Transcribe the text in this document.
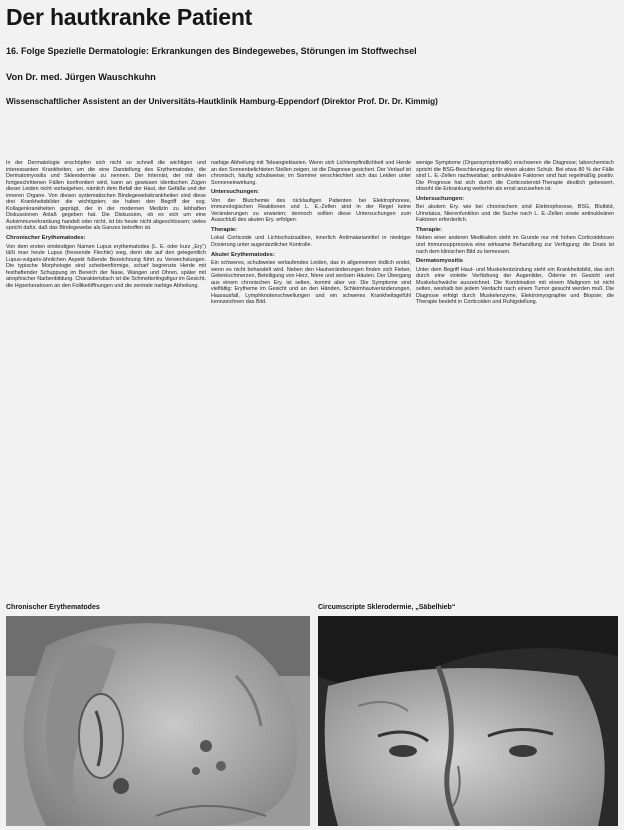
Der hautkranke Patient
16. Folge Spezielle Dermatologie: Erkrankungen des Bindegewebes, Störungen im Stoffwechsel
Von Dr. med. Jürgen Wauschkuhn
Wissenschaftlicher Assistent an der Universitäts-Hautklinik Hamburg-Eppendorf (Direktor Prof. Dr. Dr. Kimmig)

In der Dermatologie erschöpfen sich nicht so schnell die wichtigen und interessanten Krankheiten, um die eine Darstellung des Erythematodes, die Dermatomyositis und Sklerodermie zu nennen. Der Internist, der mit den fortgeschrittenen Fällen konfrontiert wird, kann an gewissen identischen Zügen dieser Leiden nicht vorbeigehen, nämlich dem Befall der Haut, der Gefäße und der inneren Organe. Von diesen systematischen Bindegewebskrankheiten sind diese drei Krankheitsbilder die wichtigsten; sie haben den Begriff der sog. Kollagenkrankheiten geprägt, der in der modernen Medizin zu lebhaften Diskussionen Anlaß gegeben hat. Die Diskussion, ob es sich um eine Autoimmunerkrankung handelt oder nicht, ist bis heute nicht abgeschlossen; vieles spricht dafür, daß das Bindegewebe als Ganzes betroffen ist.

Chronischer Erythematodes:

Von dem ersten eindeutigen Namen Lupus erythematodes (L. E. oder kurz „Ery“) läßt man heute Lupus (fressende Flechte) weg, denn die auf den gelegentlich Lupus-vulgaris-ähnlichen Aspekt fußende Bezeichnung führt zu Verwechslungen. Die typische Morphologie sind scheibenförmige, scharf begrenzte Herde mit festhaftender Schuppung im Bereich der Nase, Wangen und Ohren, später mit atrophischer Narbenbildung. Charakteristisch ist die Schmetterlingsfigur im Gesicht, die Hyperkeratosen an den Follikelöffnungen und die zentrale narbige Abheilung.

narbige Abheilung mit Teleangiektasien. Wenn sich Lichtempfindlichkeit und Herde an den Sonnenbelichteten Stellen zeigen, ist die Diagnose gesichert. Der Verlauf ist chronisch, häufig schubweise; im Sommer verschlechtert sich das Leiden unter Sonneneinwirkung.

Untersuchungen:

Von der Blutchemie des rücklaufigen Patienten bei Elektrophorese, immunologischen Reaktionen und L. E.-Zellen sind in der Regel keine Veränderungen zu erwarten; dennoch sollten diese Untersuchungen zum Ausschluß des akuten Ery. erfolgen.

Therapie:

Lokal Corticoide und Lichtschutzsalben, innerlich Antimalariamittel in niedriger Dosierung unter augenärztlicher Kontrolle.

Akuter Erythematodes:

Ein schweres, schubweise verlaufendes Leiden, das in allgemeinen tödlich endet, wenn es nicht behandelt wird. Neben den Hautveränderungen finden sich Fieber, Gelenkschmerzen, Beteiligung von Herz, Niere und serösen Häuten. Der Übergang aus einem chronischen Ery. ist selten, kommt aber vor. Die Symptome sind vielfältig: Erytheme im Gesicht und an den Händen, Schleimhautveränderungen, Haarausfall, Lymphknotenschwellungen und ein schweres Krankheitsgefühl kennzeichnen das Bild.

wenige Symptome (Organsymptomatik) erschweren die Diagnose; laborchemisch spricht die BSG-Beschleunigung für einen akuten Schub. Bei etwa 80 % der Fälle sind L. E.-Zellen nachweisbar; antinukleäre Faktoren sind fast regelmäßig positiv. Die Prognose hat sich durch die Corticosteroid-Therapie deutlich gebessert, obwohl die Erkrankung weiterhin als ernst anzusehen ist.

Untersuchungen:

Bei akutem Ery. wie bei chronischem sind Elektrophorese, BSG, Blutbild, Urinstatus, Nierenfunktion und die Suche nach L. E.-Zellen sowie antinukleären Faktoren erforderlich.

Therapie:

Neben einer anderen Medikation steht im Grunde nur mit hohen Corticoiddosen und Immunsuppressiva eine wirksame Behandlung zur Verfügung; die Dosis ist nach dem klinischen Bild zu bemessen.

Dermatomyositis

Unter dem Begriff Haut- und Muskelentzündung steht ein Krankheitsbild, das sich durch eine violette Verfärbung der Augenlider, Ödeme im Gesicht und Muskelschwäche auszeichnet. Die Kombination mit einem Malignom ist nicht selten, weshalb bei jedem Verdacht nach einem Tumor gesucht werden muß. Die Diagnose erfolgt durch Muskelenzyme, Elektromyographie und Biopsie; die Therapie besteht in Corticoiden und Ruhigstellung.

Chronischer Erythematodes	Circumscripte Sklerodermie, „Säbelhieb“
